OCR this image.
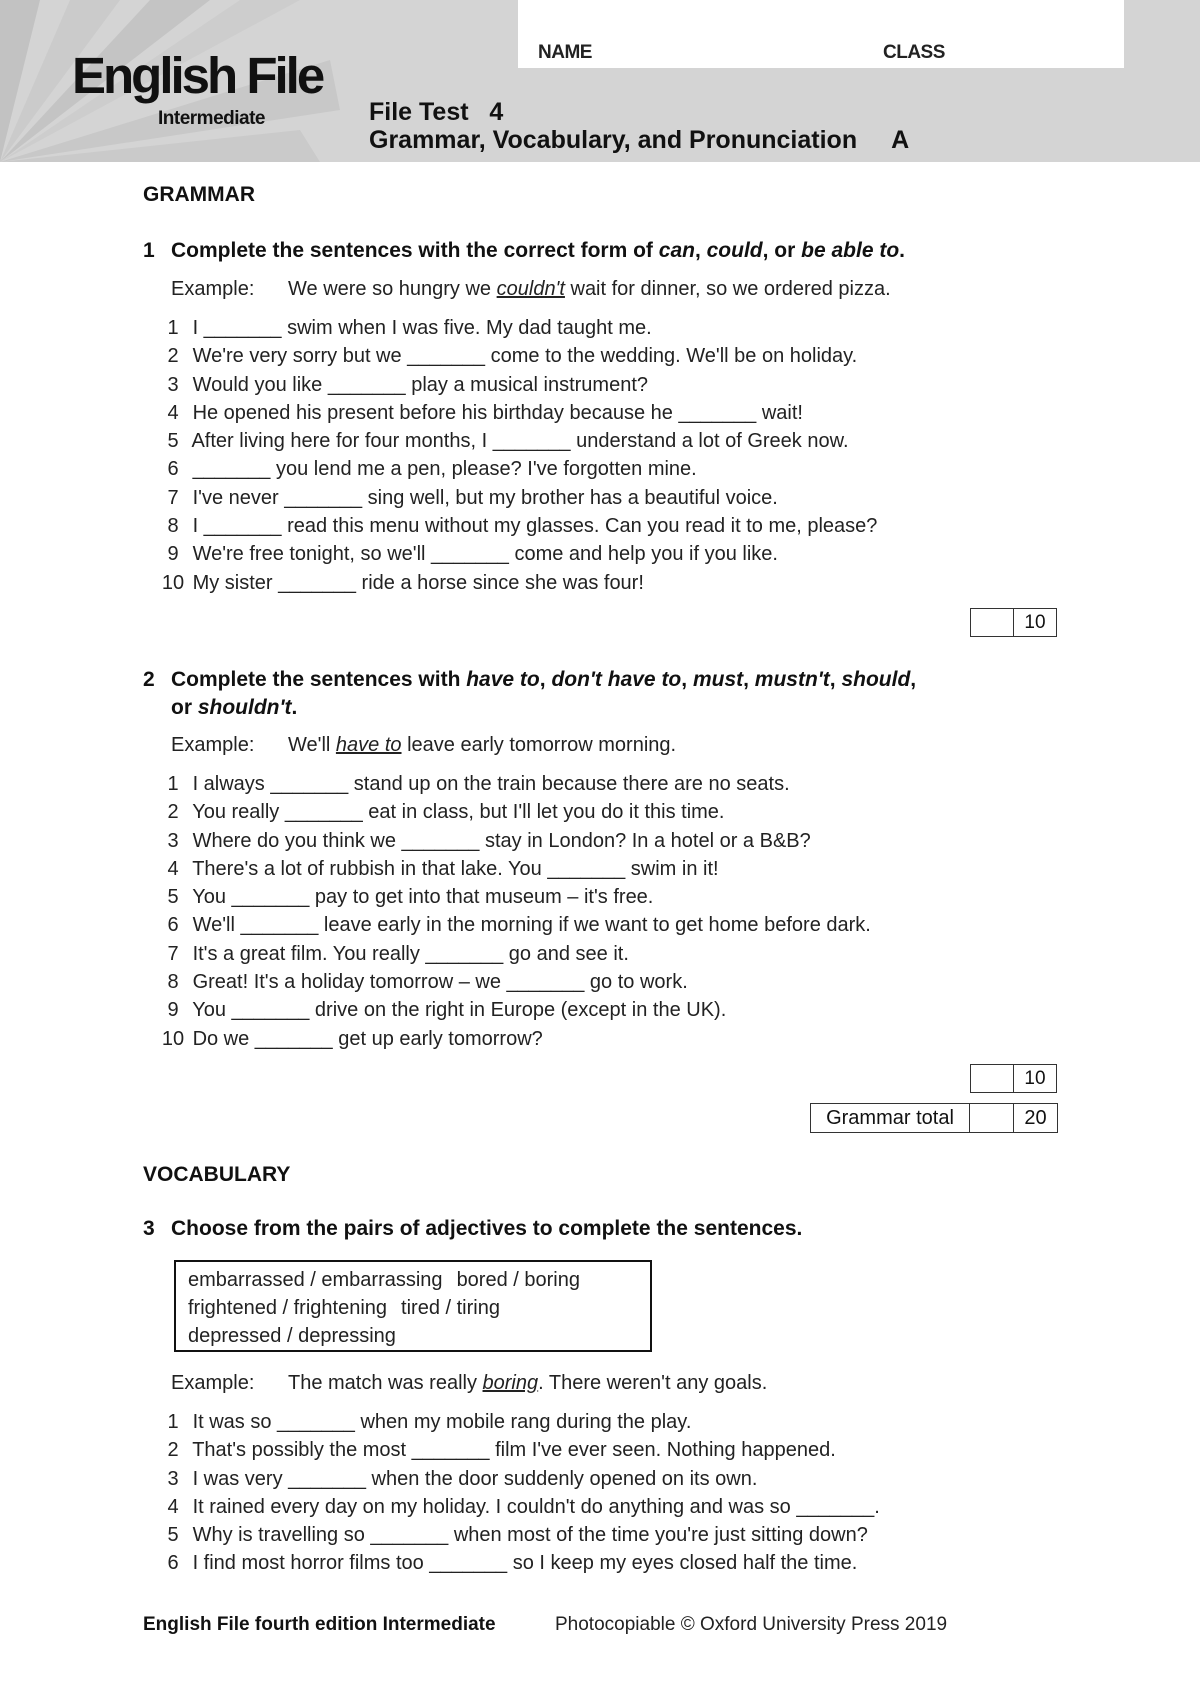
NAME	CLASS
English File
Intermediate	File Test   4
Grammar, Vocabulary, and Pronunciation A
GRAMMAR
1 Complete the sentences with the correct form of can, could, or be able to.
Example: We were so hungry we couldn't wait for dinner, so we ordered pizza.
1 I _______ swim when I was five. My dad taught me.
2 We're very sorry but we _______ come to the wedding. We'll be on holiday.
3 Would you like _______ play a musical instrument?
4 He opened his present before his birthday because he _______ wait!
5 After living here for four months, I _______ understand a lot of Greek now.
6 _______ you lend me a pen, please? I've forgotten mine.
7 I've never _______ sing well, but my brother has a beautiful voice.
8 I _______ read this menu without my glasses. Can you read it to me, please?
9 We're free tonight, so we'll _______ come and help you if you like.
10 My sister _______ ride a horse since she was four!
10
2 Complete the sentences with have to, don't have to, must, mustn't, should,
or shouldn't.
Example: We'll have to leave early tomorrow morning.
1 I always _______ stand up on the train because there are no seats.
2 You really _______ eat in class, but I'll let you do it this time.
3 Where do you think we _______ stay in London? In a hotel or a B&B?
4 There's a lot of rubbish in that lake. You _______ swim in it!
5 You _______ pay to get into that museum – it's free.
6 We'll _______ leave early in the morning if we want to get home before dark.
7 It's a great film. You really _______ go and see it.
8 Great! It's a holiday tomorrow – we _______ go to work.
9 You _______ drive on the right in Europe (except in the UK).
10 Do we _______ get up early tomorrow?
10
Grammar total	20
VOCABULARY
3 Choose from the pairs of adjectives to complete the sentences.
embarrassed / embarrassing bored / boring
frightened / frightening tired / tiring
depressed / depressing
Example: The match was really boring. There weren't any goals.
1 It was so _______ when my mobile rang during the play.
2 That's possibly the most _______ film I've ever seen. Nothing happened.
3 I was very _______ when the door suddenly opened on its own.
4 It rained every day on my holiday. I couldn't do anything and was so _______.
5 Why is travelling so _______ when most of the time you're just sitting down?
6 I find most horror films too _______ so I keep my eyes closed half the time.
English File fourth edition Intermediate	Photocopiable © Oxford University Press 2019
